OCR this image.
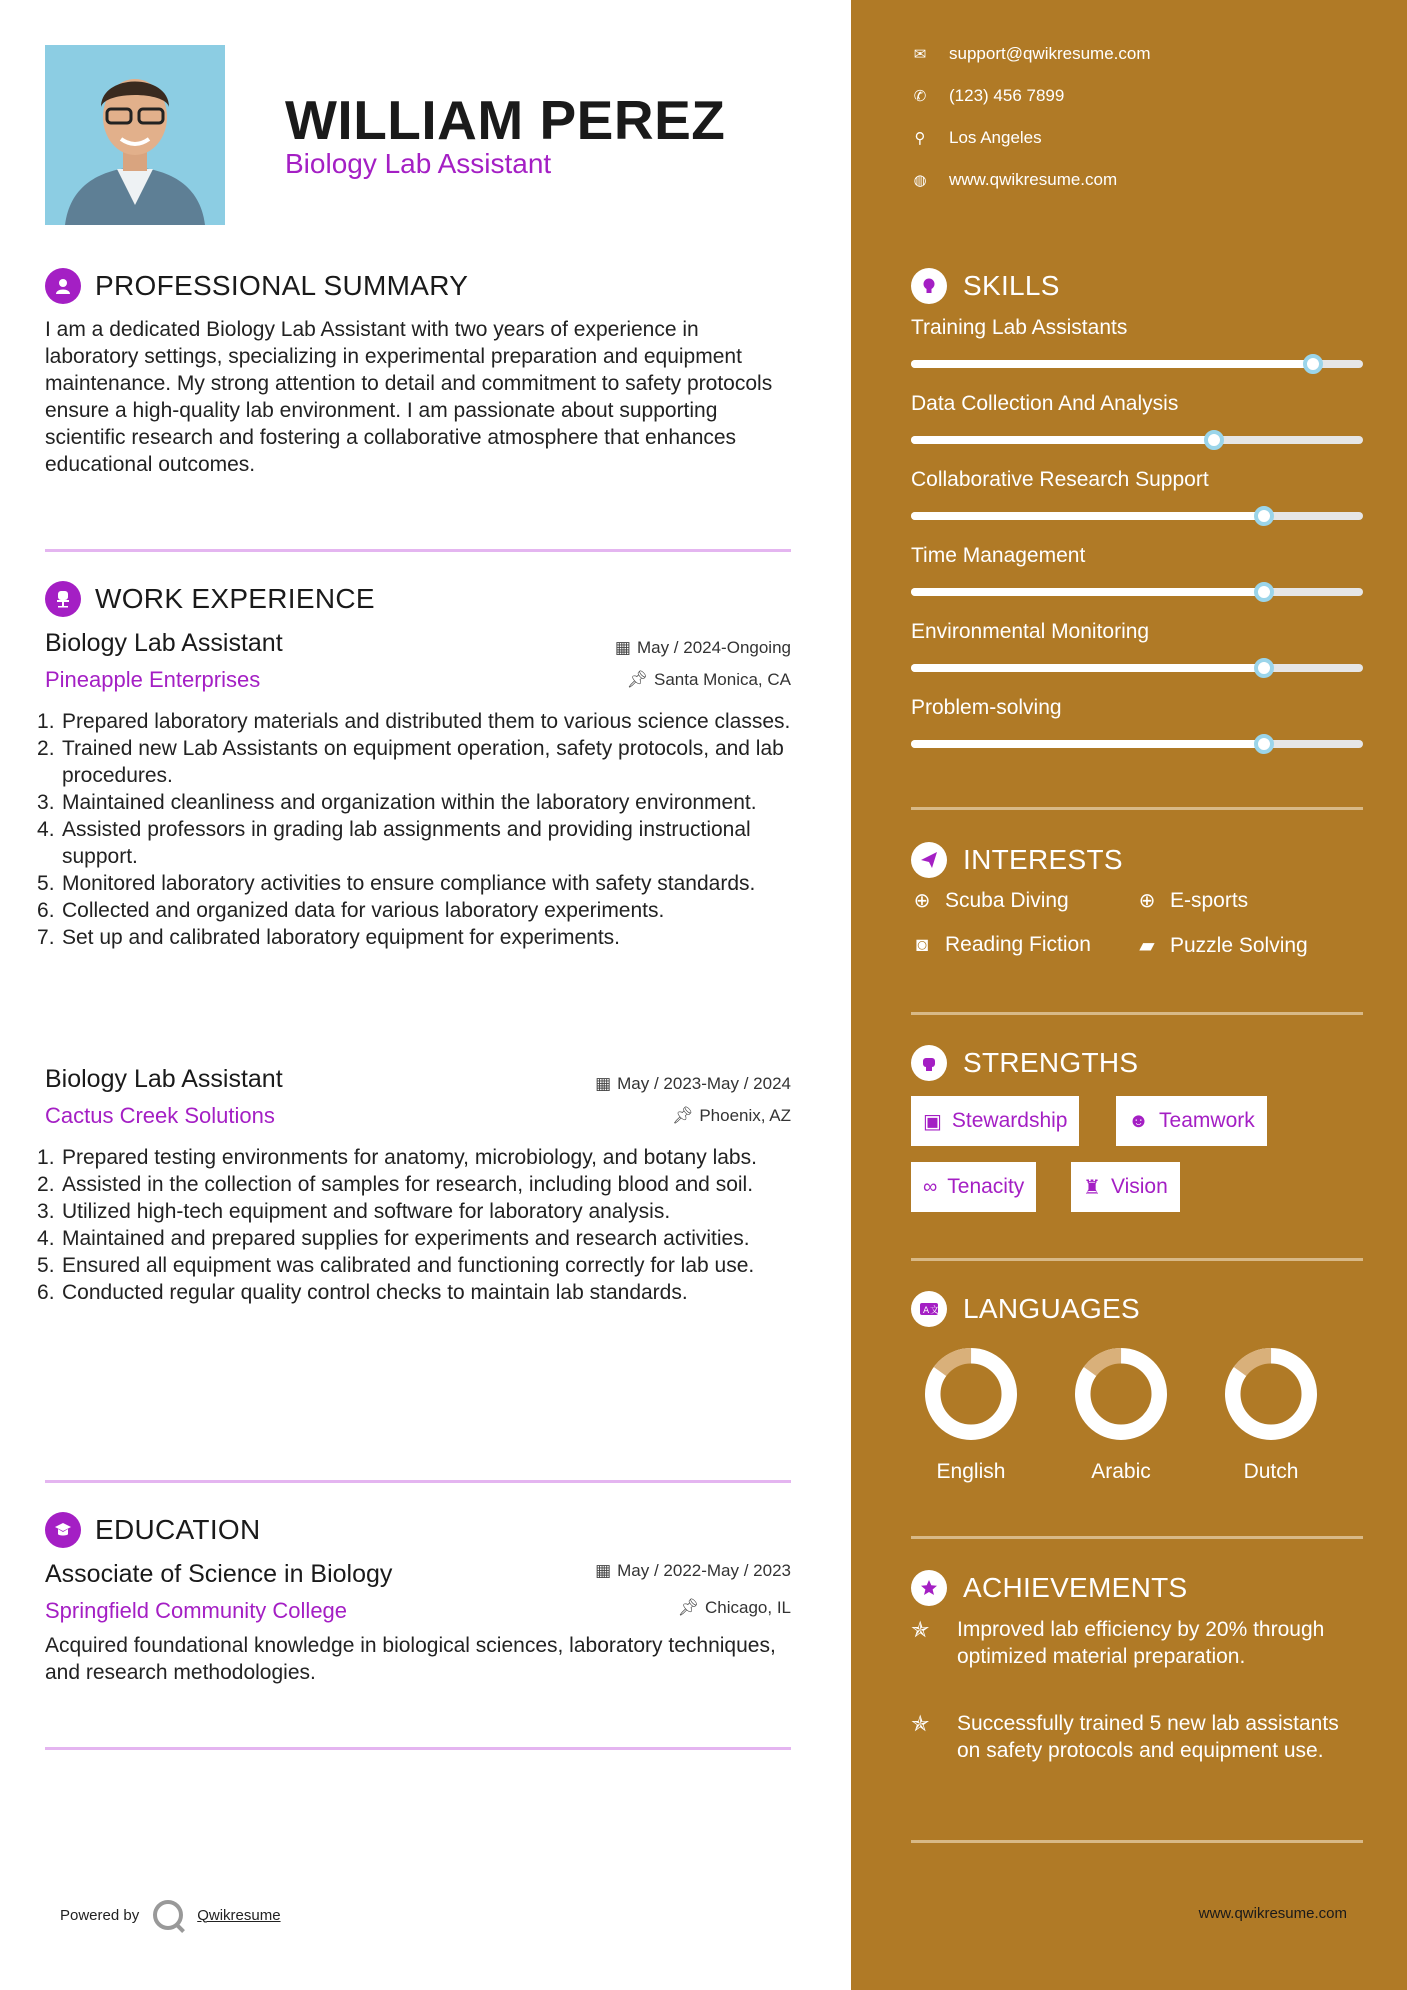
WILLIAM PEREZ
Biology Lab Assistant
PROFESSIONAL SUMMARY
I am a dedicated Biology Lab Assistant with two years of experience in laboratory settings, specializing in experimental preparation and equipment maintenance. My strong attention to detail and commitment to safety protocols ensure a high-quality lab environment. I am passionate about supporting scientific research and fostering a collaborative atmosphere that enhances educational outcomes.
WORK EXPERIENCE
Biology Lab Assistant	▦ May / 2024-Ongoing
Pineapple Enterprises	📌︎ Santa Monica, CA
Prepared laboratory materials and distributed them to various science classes.
Trained new Lab Assistants on equipment operation, safety protocols, and lab procedures.
Maintained cleanliness and organization within the laboratory environment.
Assisted professors in grading lab assignments and providing instructional support.
Monitored laboratory activities to ensure compliance with safety standards.
Collected and organized data for various laboratory experiments.
Set up and calibrated laboratory equipment for experiments.
Biology Lab Assistant	▦ May / 2023-May / 2024
Cactus Creek Solutions	📌︎ Phoenix, AZ
Prepared testing environments for anatomy, microbiology, and botany labs.
Assisted in the collection of samples for research, including blood and soil.
Utilized high-tech equipment and software for laboratory analysis.
Maintained and prepared supplies for experiments and research activities.
Ensured all equipment was calibrated and functioning correctly for lab use.
Conducted regular quality control checks to maintain lab standards.
EDUCATION
Associate of Science in Biology	▦ May / 2022-May / 2023
Springfield Community College	📌︎ Chicago, IL
Acquired foundational knowledge in biological sciences, laboratory techniques, and research methodologies.
Powered by	Qwikresume
✉ support@qwikresume.com
✆ (123) 456 7899
⚲ Los Angeles
◍ www.qwikresume.com
SKILLS
Training Lab Assistants
Data Collection And Analysis
Collaborative Research Support
Time Management
Environmental Monitoring
Problem-solving
INTERESTS
⊕ Scuba Diving	⊕ E-sports
◙ Reading Fiction ▰ Puzzle Solving
STRENGTHS
▣ Stewardship	☻ Teamwork
∞ Tenacity	♜ Vision
A 文 LANGUAGES
English	Arabic	Dutch
ACHIEVEMENTS
✯	Improved lab efficiency by 20% through optimized material preparation.
✯	Successfully trained 5 new lab assistants on safety protocols and equipment use.
www.qwikresume.com
